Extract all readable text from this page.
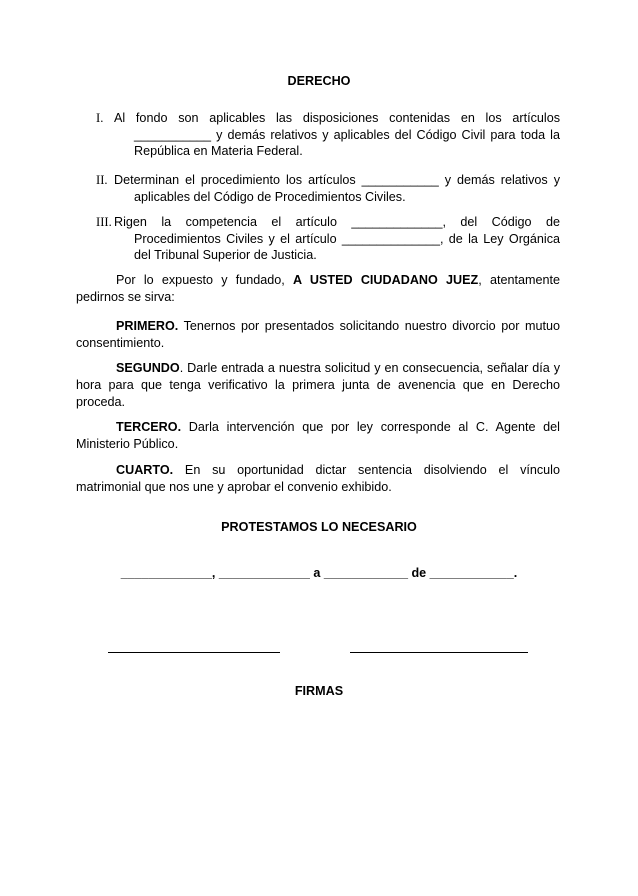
DERECHO
I. Al fondo son aplicables las disposiciones contenidas en los artículos ___________ y demás relativos y aplicables del Código Civil para toda la República en Materia Federal.
II. Determinan el procedimiento los artículos ___________ y demás relativos y aplicables del Código de Procedimientos Civiles.
III. Rigen la competencia el artículo _____________, del Código de Procedimientos Civiles y el artículo ______________, de la Ley Orgánica del Tribunal Superior de Justicia.
Por lo expuesto y fundado, A USTED CIUDADANO JUEZ, atentamente pedirnos se sirva:
PRIMERO. Tenernos por presentados solicitando nuestro divorcio por mutuo consentimiento.
SEGUNDO. Darle entrada a nuestra solicitud y en consecuencia, señalar día y hora para que tenga verificativo la primera junta de avenencia que en Derecho proceda.
TERCERO. Darla intervención que por ley corresponde al C. Agente del Ministerio Público.
CUARTO. En su oportunidad dictar sentencia disolviendo el vínculo matrimonial que nos une y aprobar el convenio exhibido.
PROTESTAMOS LO NECESARIO
_____________, _____________ a ____________ de ____________.
FIRMAS
